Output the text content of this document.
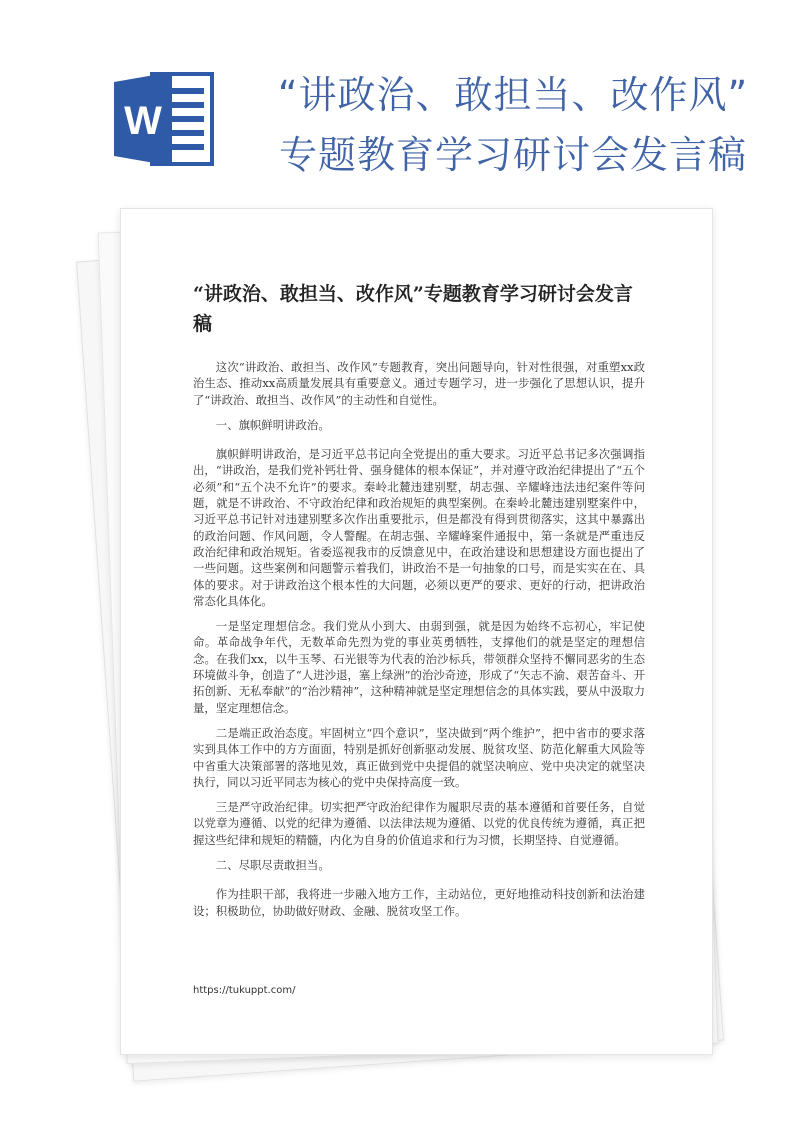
W
“讲政治、敢担当、改作风”
专题教育学习研讨会发言稿
“讲政治、敢担当、改作风”专题教育学习研讨会发言稿

这次“讲政治、敢担当、改作风”专题教育，突出问题导向，针对性很强，对重塑xx政治生态、推动xx高质量发展具有重要意义。通过专题学习，进一步强化了思想认识，提升了“讲政治、敢担当、改作风”的主动性和自觉性。

一、旗帜鲜明讲政治。

旗帜鲜明讲政治，是习近平总书记向全党提出的重大要求。习近平总书记多次强调指出，“讲政治，是我们党补钙壮骨、强身健体的根本保证”，并对遵守政治纪律提出了“五个必须”和“五个决不允许”的要求。秦岭北麓违建别墅，胡志强、辛耀峰违法违纪案件等问题，就是不讲政治、不守政治纪律和政治规矩的典型案例。在秦岭北麓违建别墅案件中，习近平总书记针对违建别墅多次作出重要批示，但是都没有得到贯彻落实，这其中暴露出的政治问题、作风问题，令人警醒。在胡志强、辛耀峰案件通报中，第一条就是严重违反政治纪律和政治规矩。省委巡视我市的反馈意见中，在政治建设和思想建设方面也提出了一些问题。这些案例和问题警示着我们，讲政治不是一句抽象的口号，而是实实在在、具体的要求。对于讲政治这个根本性的大问题，必须以更严的要求、更好的行动，把讲政治常态化具体化。

一是坚定理想信念。我们党从小到大、由弱到强，就是因为始终不忘初心，牢记使命。革命战争年代，无数革命先烈为党的事业英勇牺牲，支撑他们的就是坚定的理想信念。在我们xx，以牛玉琴、石光银等为代表的治沙标兵，带领群众坚持不懈同恶劣的生态环境做斗争，创造了“人进沙退，塞上绿洲”的治沙奇迹，形成了“矢志不渝、艰苦奋斗、开拓创新、无私奉献”的“治沙精神”，这种精神就是坚定理想信念的具体实践，要从中汲取力量，坚定理想信念。

二是端正政治态度。牢固树立“四个意识”，坚决做到“两个维护”，把中省市的要求落实到具体工作中的方方面面，特别是抓好创新驱动发展、脱贫攻坚、防范化解重大风险等中省重大决策部署的落地见效，真正做到党中央提倡的就坚决响应、党中央决定的就坚决执行，同以习近平同志为核心的党中央保持高度一致。

三是严守政治纪律。切实把严守政治纪律作为履职尽责的基本遵循和首要任务，自觉以党章为遵循、以党的纪律为遵循、以法律法规为遵循、以党的优良传统为遵循，真正把握这些纪律和规矩的精髓，内化为自身的价值追求和行为习惯，长期坚持、自觉遵循。

二、尽职尽责敢担当。

作为挂职干部，我将进一步融入地方工作，主动站位，更好地推动科技创新和法治建设；积极助位，协助做好财政、金融、脱贫攻坚工作。

https://tukuppt.com/
